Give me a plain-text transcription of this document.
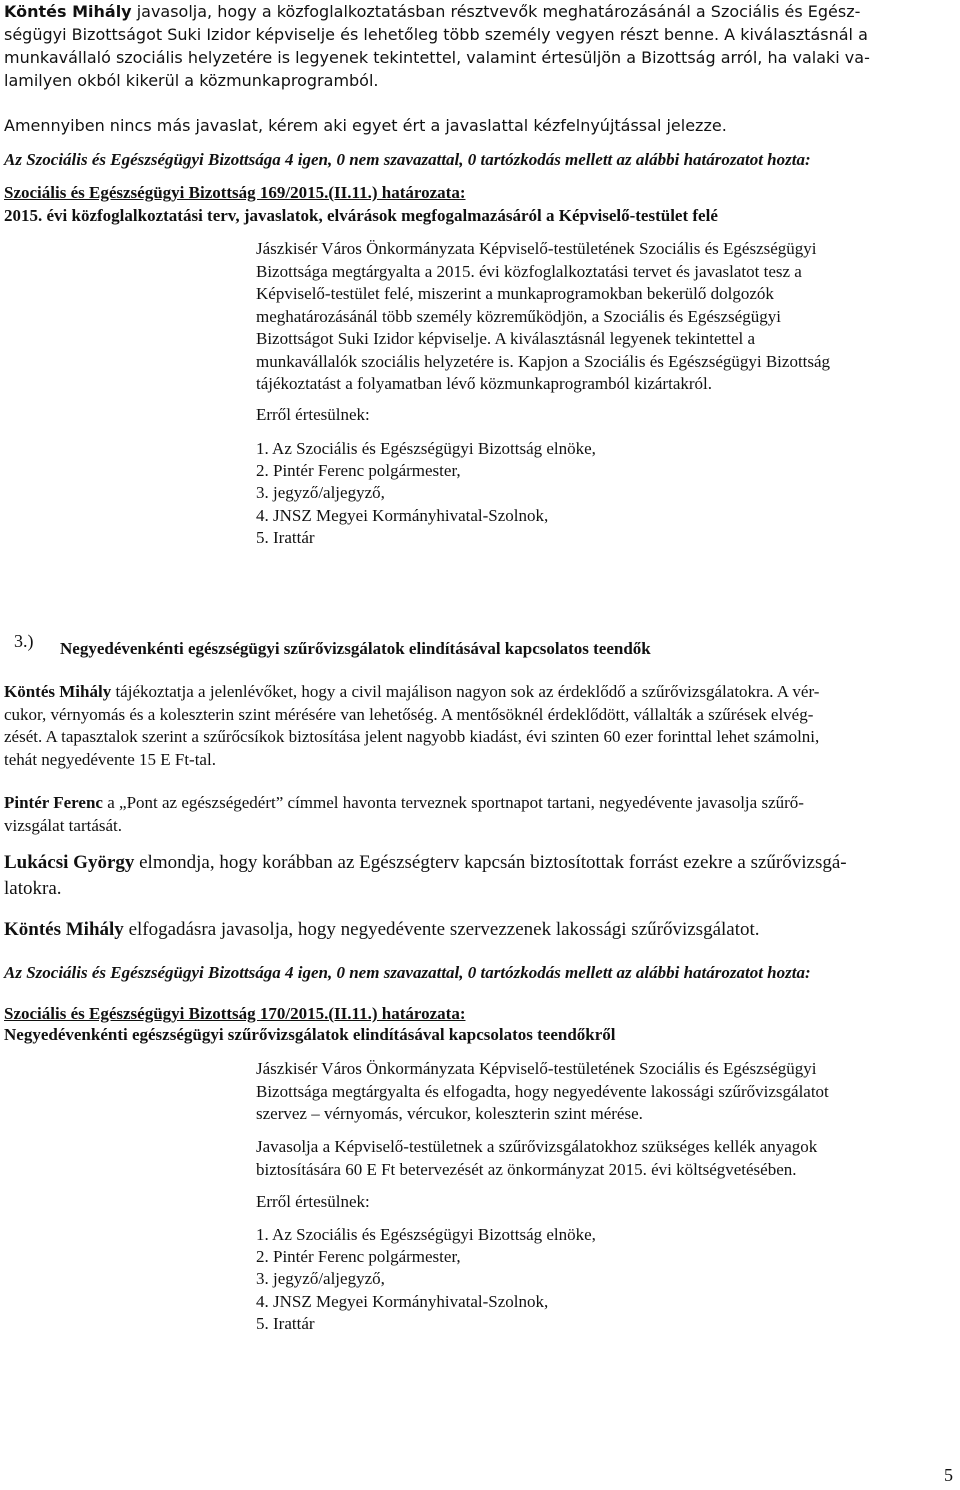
Köntés Mihály javasolja, hogy a közfoglalkoztatásban résztvevők meghatározásánál a Szociális és Egész-
ségügyi Bizottságot Suki Izidor képviselje és lehetőleg több személy vegyen részt benne. A kiválasztásnál a
munkavállaló szociális helyzetére is legyenek tekintettel, valamint értesüljön a Bizottság arról, ha valaki va-
lamilyen okból kikerül a közmunkaprogramból.
Amennyiben nincs más javaslat, kérem aki egyet ért a javaslattal kézfelnyújtással jelezze.
Az Szociális és Egészségügyi Bizottsága 4 igen, 0 nem szavazattal, 0 tartózkodás mellett az alábbi határozatot hozta:
Szociális és Egészségügyi Bizottság 169/2015.(II.11.) határozata:
2015. évi közfoglalkoztatási terv, javaslatok, elvárások megfogalmazásáról a Képviselő-testület felé
Jászkisér Város Önkormányzata Képviselő-testületének Szociális és Egészségügyi
Bizottsága megtárgyalta a 2015. évi közfoglalkoztatási tervet és javaslatot tesz a
Képviselő-testület felé, miszerint a munkaprogramokban bekerülő dolgozók
meghatározásánál több személy közreműködjön, a Szociális és Egészségügyi
Bizottságot Suki Izidor képviselje. A kiválasztásnál legyenek tekintettel a
munkavállalók szociális helyzetére is. Kapjon a Szociális és Egészségügyi Bizottság
tájékoztatást a folyamatban lévő közmunkaprogramból kizártakról.
Erről értesülnek:
1. Az Szociális és Egészségügyi Bizottság elnöke,
2. Pintér Ferenc polgármester,
3. jegyző/aljegyző,
4. JNSZ Megyei Kormányhivatal-Szolnok,
5. Irattár
3.) Negyedévenkénti egészségügyi szűrővizsgálatok elindításával kapcsolatos teendők
Köntés Mihály tájékoztatja a jelenlévőket, hogy a civil majálison nagyon sok az érdeklődő a szűrővizsgálatokra. A vér-
cukor, vérnyomás és a koleszterin szint mérésére van lehetőség. A mentősöknél érdeklődött, vállalták a szűrések elvég-
zését. A tapasztalok szerint a szűrőcsíkok biztosítása jelent nagyobb kiadást, évi szinten 60 ezer forinttal lehet számolni,
tehát negyedévente 15 E Ft-tal.
Pintér Ferenc a „Pont az egészségedért” címmel havonta terveznek sportnapot tartani, negyedévente javasolja szűrő-
vizsgálat tartását.
Lukácsi György elmondja, hogy korábban az Egészségterv kapcsán biztosítottak forrást ezekre a szűrővizsgá-
latokra.
Köntés Mihály elfogadásra javasolja, hogy negyedévente szervezzenek lakossági szűrővizsgálatot.
Az Szociális és Egészségügyi Bizottsága 4 igen, 0 nem szavazattal, 0 tartózkodás mellett az alábbi határozatot hozta:
Szociális és Egészségügyi Bizottság 170/2015.(II.11.) határozata:
Negyedévenkénti egészségügyi szűrővizsgálatok elindításával kapcsolatos teendőkről
Jászkisér Város Önkormányzata Képviselő-testületének Szociális és Egészségügyi
Bizottsága megtárgyalta és elfogadta, hogy negyedévente lakossági szűrővizsgálatot
szervez – vérnyomás, vércukor, koleszterin szint mérése.
Javasolja a Képviselő-testületnek a szűrővizsgálatokhoz szükséges kellék anyagok
biztosítására 60 E Ft betervezését az önkormányzat 2015. évi költségvetésében.
Erről értesülnek:
1. Az Szociális és Egészségügyi Bizottság elnöke,
2. Pintér Ferenc polgármester,
3. jegyző/aljegyző,
4. JNSZ Megyei Kormányhivatal-Szolnok,
5. Irattár
5
